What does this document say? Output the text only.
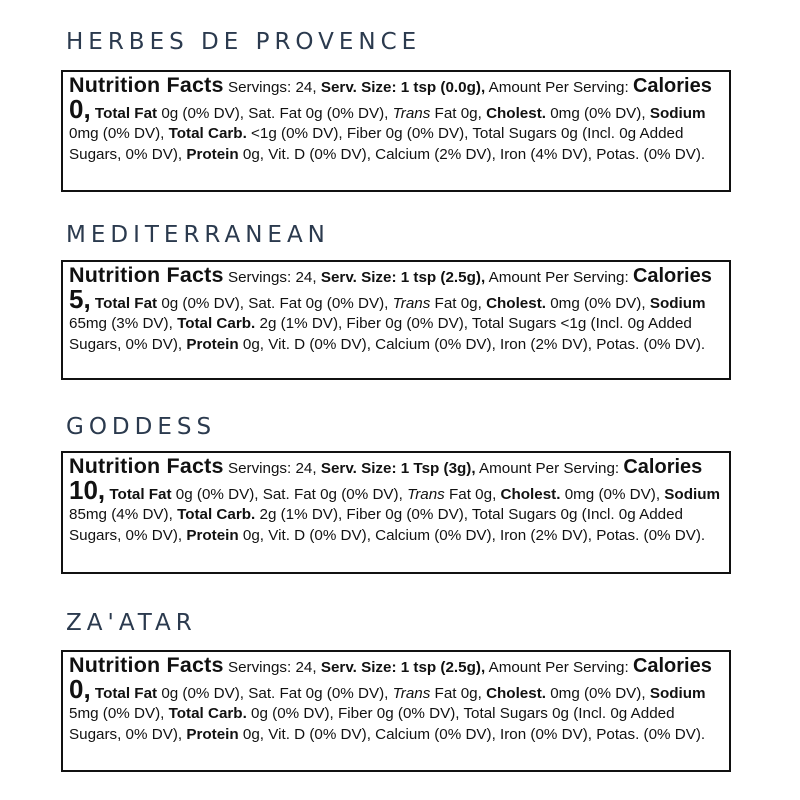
HERBES DE PROVENCE
Nutrition Facts Servings: 24, Serv. Size: 1 tsp (0.0g), Amount Per Serving: Calories 0, Total Fat 0g (0% DV), Sat. Fat 0g (0% DV), Trans Fat 0g, Cholest. 0mg (0% DV), Sodium 0mg (0% DV), Total Carb. <1g (0% DV), Fiber 0g (0% DV), Total Sugars 0g (Incl. 0g Added Sugars, 0% DV), Protein 0g, Vit. D (0% DV), Calcium (2% DV), Iron (4% DV), Potas. (0% DV).
MEDITERRANEAN
Nutrition Facts Servings: 24, Serv. Size: 1 tsp (2.5g), Amount Per Serving: Calories 5, Total Fat 0g (0% DV), Sat. Fat 0g (0% DV), Trans Fat 0g, Cholest. 0mg (0% DV), Sodium 65mg (3% DV), Total Carb. 2g (1% DV), Fiber 0g (0% DV), Total Sugars <1g (Incl. 0g Added Sugars, 0% DV), Protein 0g, Vit. D (0% DV), Calcium (0% DV), Iron (2% DV), Potas. (0% DV).
GODDESS
Nutrition Facts Servings: 24, Serv. Size: 1 Tsp (3g), Amount Per Serving: Calories 10, Total Fat 0g (0% DV), Sat. Fat 0g (0% DV), Trans Fat 0g, Cholest. 0mg (0% DV), Sodium 85mg (4% DV), Total Carb. 2g (1% DV), Fiber 0g (0% DV), Total Sugars 0g (Incl. 0g Added Sugars, 0% DV), Protein 0g, Vit. D (0% DV), Calcium (0% DV), Iron (2% DV), Potas. (0% DV).
ZA'ATAR
Nutrition Facts Servings: 24, Serv. Size: 1 tsp (2.5g), Amount Per Serving: Calories 0, Total Fat 0g (0% DV), Sat. Fat 0g (0% DV), Trans Fat 0g, Cholest. 0mg (0% DV), Sodium 5mg (0% DV), Total Carb. 0g (0% DV), Fiber 0g (0% DV), Total Sugars 0g (Incl. 0g Added Sugars, 0% DV), Protein 0g, Vit. D (0% DV), Calcium (0% DV), Iron (0% DV), Potas. (0% DV).
